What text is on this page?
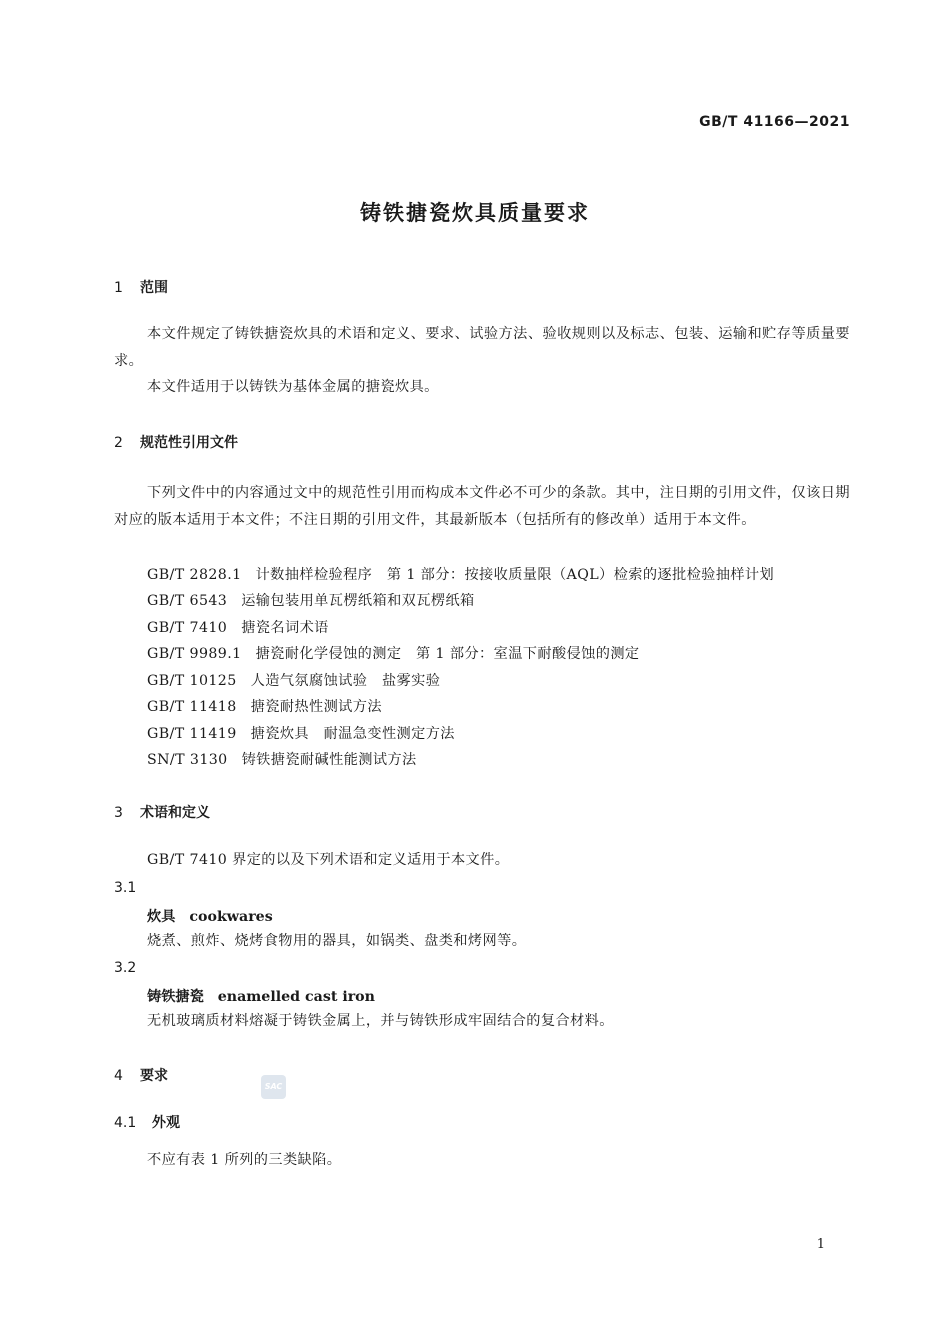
GB/T 41166—2021
铸铁搪瓷炊具质量要求
1 范围
本文件规定了铸铁搪瓷炊具的术语和定义、要求、试验方法、验收规则以及标志、包装、运输和贮存等质量要求。
本文件适用于以铸铁为基体金属的搪瓷炊具。
2 规范性引用文件
下列文件中的内容通过文中的规范性引用而构成本文件必不可少的条款。其中，注日期的引用文件，仅该日期对应的版本适用于本文件；不注日期的引用文件，其最新版本（包括所有的修改单）适用于本文件。
GB/T 2828.1 计数抽样检验程序　第 1 部分：按接收质量限（AQL）检索的逐批检验抽样计划
GB/T 6543 运输包装用单瓦楞纸箱和双瓦楞纸箱
GB/T 7410 搪瓷名词术语
GB/T 9989.1 搪瓷耐化学侵蚀的测定　第 1 部分：室温下耐酸侵蚀的测定
GB/T 10125 人造气氛腐蚀试验　盐雾实验
GB/T 11418 搪瓷耐热性测试方法
GB/T 11419 搪瓷炊具　耐温急变性测定方法
SN/T 3130 铸铁搪瓷耐碱性能测试方法
3 术语和定义
GB/T 7410 界定的以及下列术语和定义适用于本文件。
3.1
炊具 cookwares
烧煮、煎炸、烧烤食物用的器具，如锅类、盘类和烤网等。
3.2
铸铁搪瓷 enamelled cast iron
无机玻璃质材料熔凝于铸铁金属上，并与铸铁形成牢固结合的复合材料。
4 要求
4.1 外观
不应有表 1 所列的三类缺陷。
SAC
1
